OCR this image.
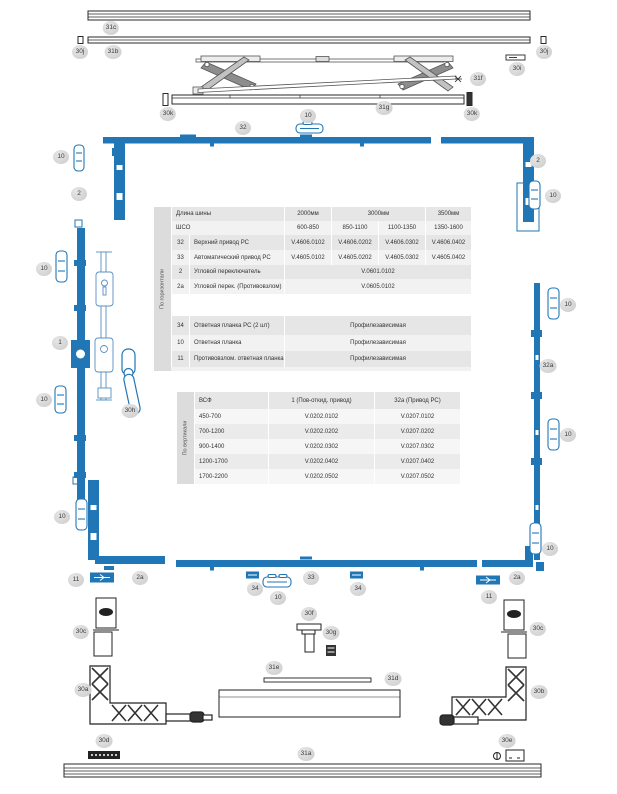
31c
30j	31b	30j
30i
31f
30k	10
31g
30k
32
10
2
10
1
10
30h
10
11	2a
2
10
10
32a
10
10
34
10
33
34
30f
30g
31e
31d
30c
30a
30d
2a
11
30c
30b
30e
31a
По горизонтали
Длина шины	2000мм	3000мм	3500мм
ШСО	600-850	850-1100	1100-1350	1350-1600
32	Верхний привод РС	V.4606.0102	V.4606.0202	V.4606.0302	V.4606.0402
33	Автоматический привод РС	V.4605.0102	V.4605.0202	V.4605.0302	V.4605.0402
2	Угловой переключатель	V.0601.0102
2a	Угловой перек. (Противовзлом)	V.0605.0102
34	Ответная планка РС (2 шт)	Профилезависимая
10	Ответная планка	Профилезависимая
11	Противовзлом. ответная планка	Профилезависимая
По вертикали
ВСФ	1 (Пов-откид. привод)	32a (Привод РС)
450-700	V.0202.0102	V.0207.0102
700-1200	V.0202.0202	V.0207.0202
900-1400	V.0202.0302	V.0207.0302
1200-1700	V.0202.0402	V.0207.0402
1700-2200	V.0202.0502	V.0207.0502
